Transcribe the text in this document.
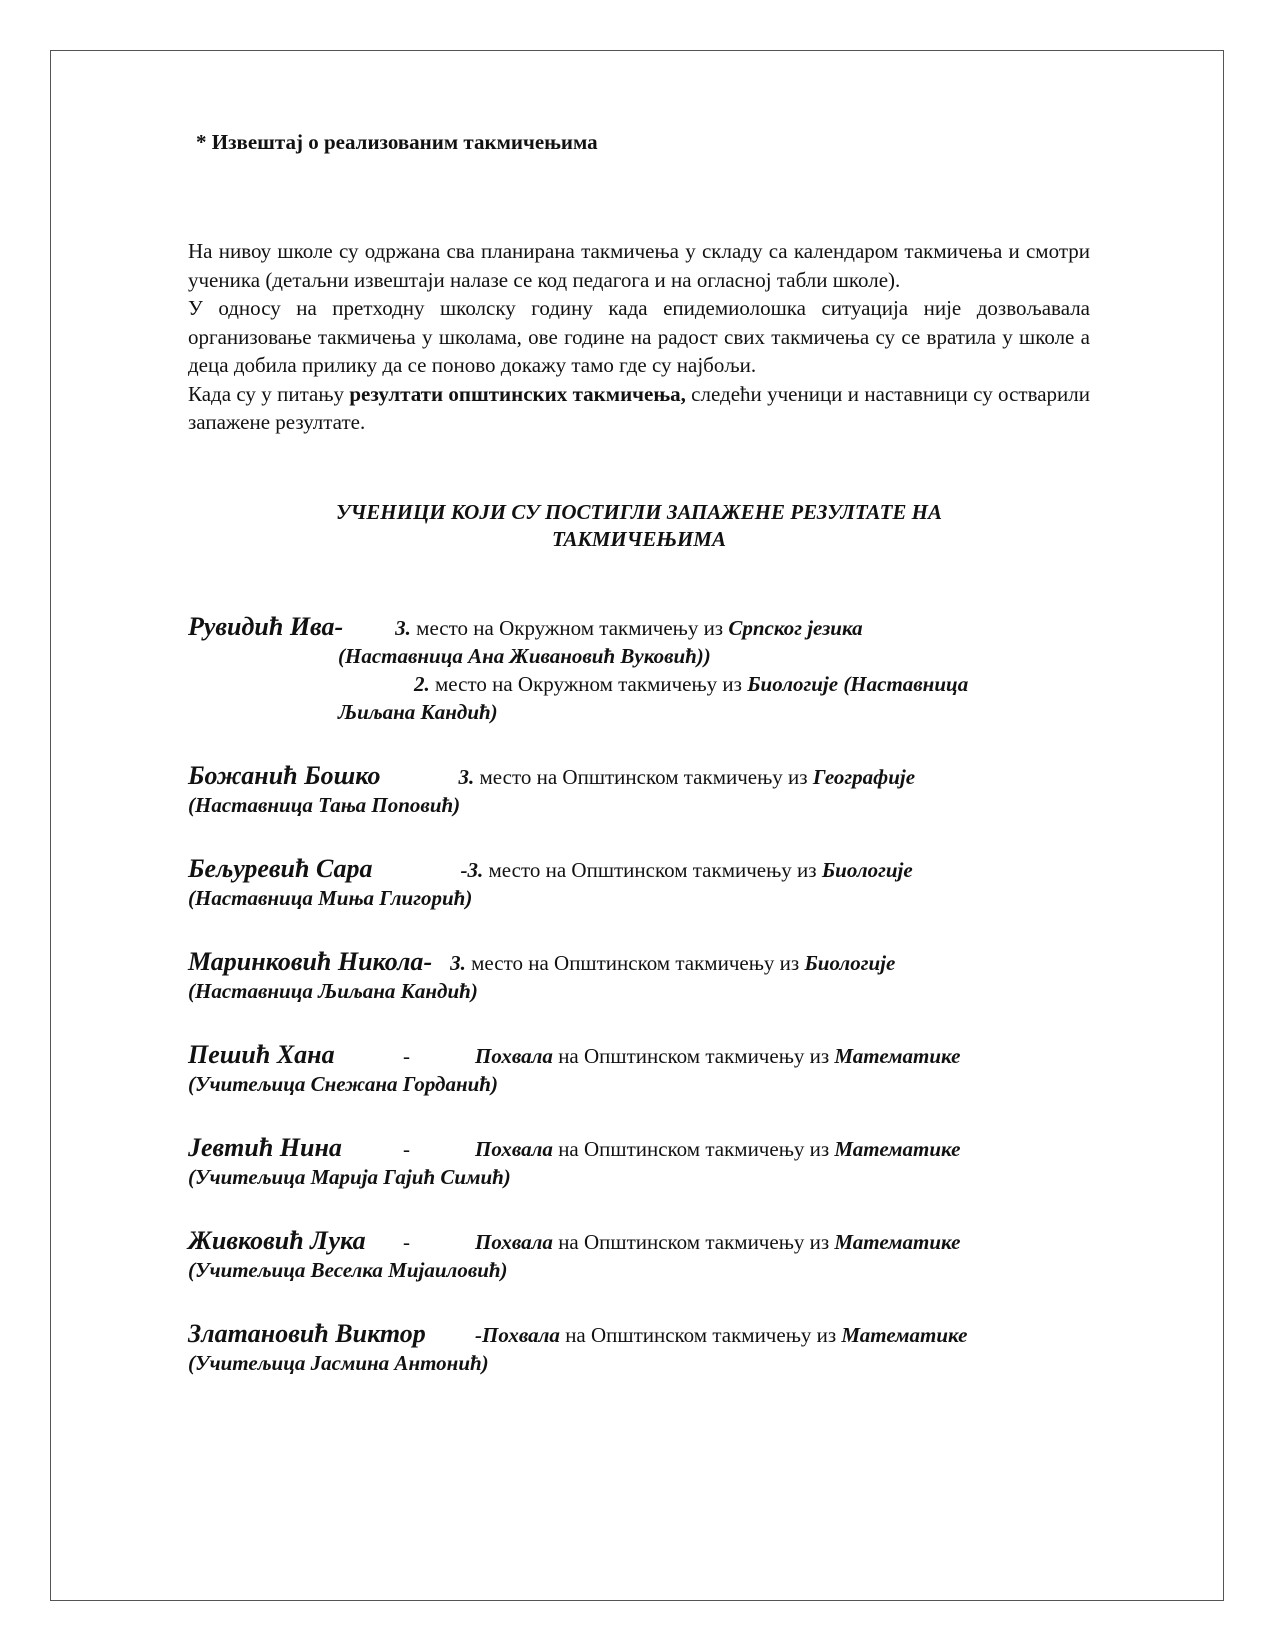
* Извештај о реализованим такмичењима

На нивоу школе су одржана сва планирана такмичења у складу са календаром такмичења и смотри ученика (детаљни извештаји налазе се код педагога и на огласној табли школе).

У односу на претходну школску годину када епидемиолошка ситуација није дозвољавала организовање такмичења у школама, ове године на радост свих такмичења су се вратила у школе а деца добила прилику да се поново докажу тамо где су најбољи.

Када су у питању резултати општинских такмичења, следећи ученици и наставници су остварили запажене резултате.

УЧЕНИЦИ КОЈИ СУ ПОСТИГЛИ ЗАПАЖЕНЕ РЕЗУЛТАТЕ НА ТАКМИЧЕЊИМА
Рувидић Ива- 3. место на Окружном такмичењу из Српског језика
(Наставница Ана Живановић Вуковић))
2. место на Окружном такмичењу из Биологије (Наставница
Љиљана Кандић)
Божанић Бошко	3. место на Општинском такмичењу из Географије
(Наставница Тања Поповић)
Бељуревић Сара	-3. место на Општинском такмичењу из Биологије
(Наставница Миња Глигорић)
Маринковић Никола- 3. место на Општинском такмичењу из Биологије
(Наставница Љиљана Кандић)
Пешић Хана	-	Похвала на Општинском такмичењу из Математике
(Учитељица Снежана Горданић)
Јевтић Нина	-	Похвала на Општинском такмичењу из Математике
(Учитељица Марија Гајић Симић)
Живковић Лука -	Похвала на Општинском такмичењу из Математике
(Учитељица Веселка Мијаиловић)
Златановић Виктор -Похвала на Општинском такмичењу из Математике
(Учитељица Јасмина Антонић)
